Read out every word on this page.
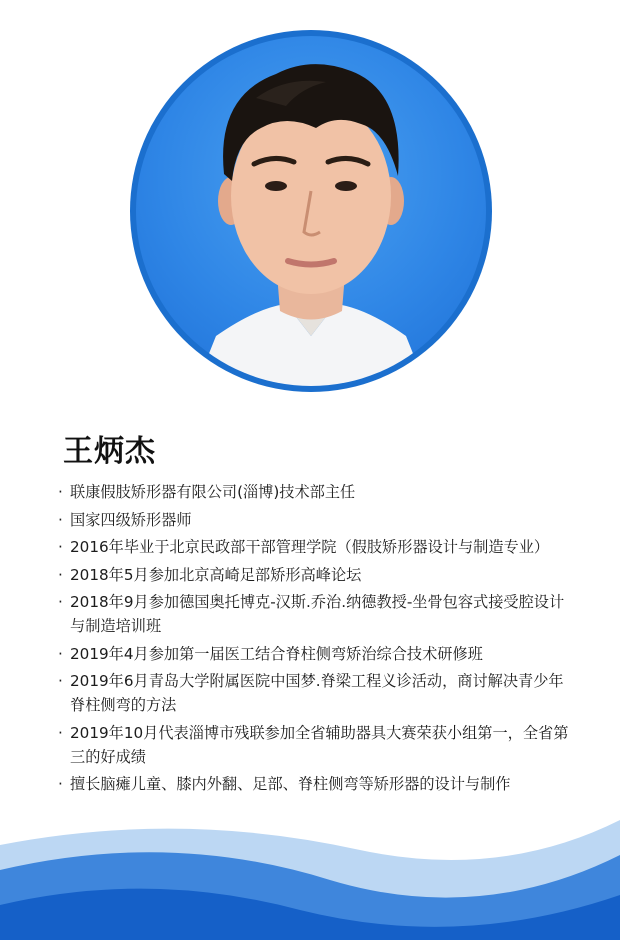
王炳杰
· 联康假肢矫形器有限公司(淄博)技术部主任
· 国家四级矫形器师
· 2016年毕业于北京民政部干部管理学院（假肢矫形器设计与制造专业）
· 2018年5月参加北京高崎足部矫形高峰论坛
· 2018年9月参加德国奥托博克-汉斯.乔治.纳德教授-坐骨包容式接受腔设计与制造培训班
· 2019年4月参加第一届医工结合脊柱侧弯矫治综合技术研修班
· 2019年6月青岛大学附属医院中国梦.脊梁工程义诊活动，商讨解决青少年脊柱侧弯的方法
· 2019年10月代表淄博市残联参加全省辅助器具大赛荣获小组第一，全省第三的好成绩
· 擅长脑瘫儿童、膝内外翻、足部、脊柱侧弯等矫形器的设计与制作
